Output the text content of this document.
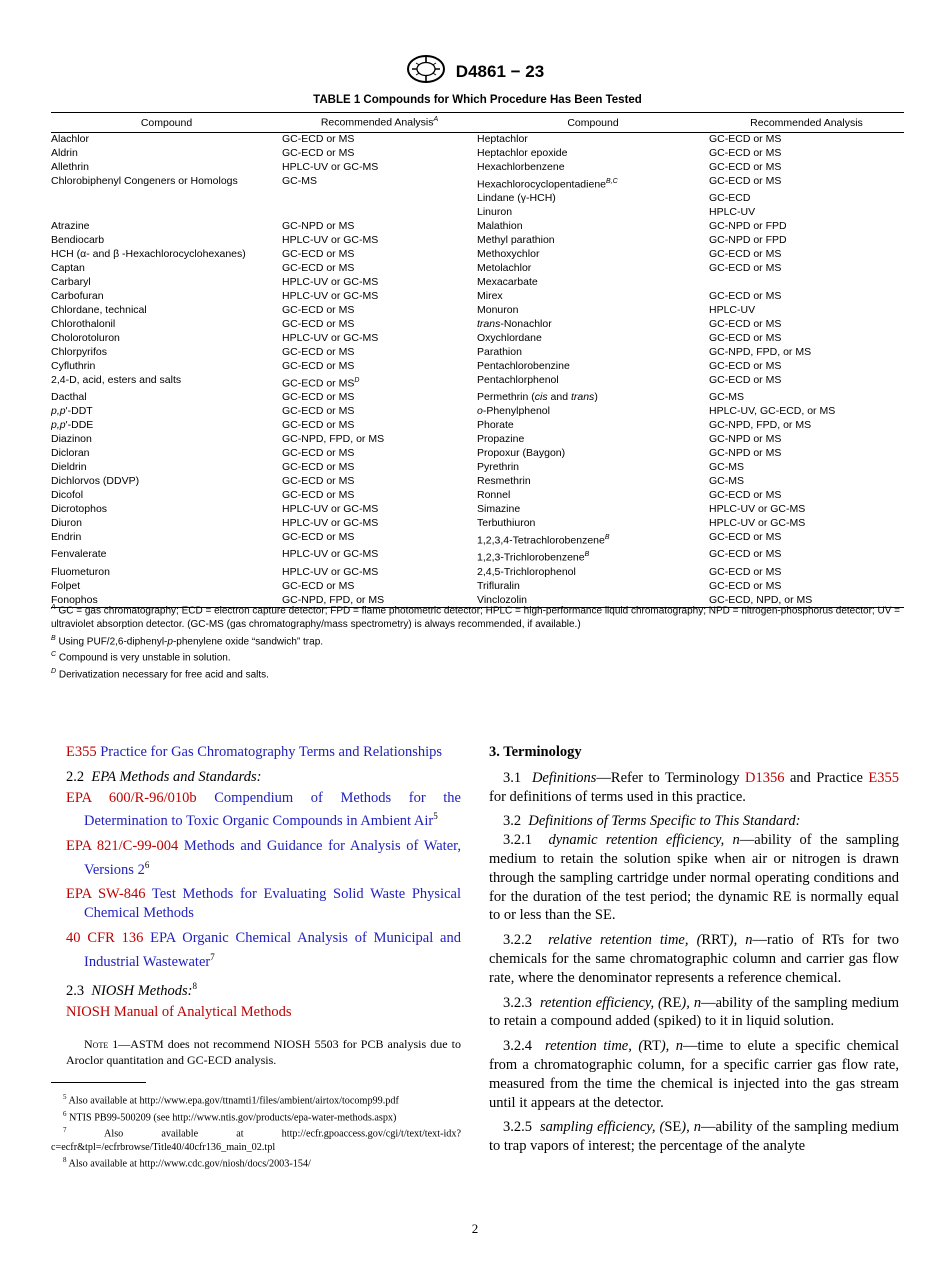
D4861 − 23
TABLE 1 Compounds for Which Procedure Has Been Tested
Compound	Recommended Analysis$^A$	Compound	Recommended Analysis
Alachlor	GC-ECD or MS	Heptachlor	GC-ECD or MS
Aldrin	GC-ECD or MS	Heptachlor epoxide	GC-ECD or MS
Allethrin	HPLC-UV or GC-MS	Hexachlorbenzene	GC-ECD or MS
Chlorobiphenyl Congeners or Homologs	GC-MS	Hexachlorocyclopentadiene$^{B,C}$	GC-ECD or MS
		Lindane (γ-HCH)	GC-ECD
		Linuron	HPLC-UV
Atrazine	GC-NPD or MS	Malathion	GC-NPD or FPD
Bendiocarb	HPLC-UV or GC-MS	Methyl parathion	GC-NPD or FPD
HCH (α- and β -Hexachlorocyclohexanes)	GC-ECD or MS	Methoxychlor	GC-ECD or MS
Captan	GC-ECD or MS	Metolachlor	GC-ECD or MS
Carbaryl	HPLC-UV or GC-MS	Mexacarbate	
Carbofuran	HPLC-UV or GC-MS	Mirex	GC-ECD or MS
Chlordane, technical	GC-ECD or MS	Monuron	HPLC-UV
Chlorothalonil	GC-ECD or MS	trans-Nonachlor	GC-ECD or MS
Cholorotoluron	HPLC-UV or GC-MS	Oxychlordane	GC-ECD or MS
Chlorpyrifos	GC-ECD or MS	Parathion	GC-NPD, FPD, or MS
Cyfluthrin	GC-ECD or MS	Pentachlorobenzine	GC-ECD or MS
2,4-D, acid, esters and salts	GC-ECD or $MS^D$	Pentachlorphenol	GC-ECD or MS
Dacthal	GC-ECD or MS	Permethrin (cis and trans)	GC-MS
p,p'-DDT	GC-ECD or MS	o-Phenylphenol	HPLC-UV, GC-ECD, or MS
p,p'-DDE	GC-ECD or MS	Phorate	GC-NPD, FPD, or MS
Diazinon	GC-NPD, FPD, or MS	Propazine	GC-NPD or MS
Dicloran	GC-ECD or MS	Propoxur (Baygon)	GC-NPD or MS
Dieldrin	GC-ECD or MS	Pyrethrin	GC-MS
Dichlorvos (DDVP)	GC-ECD or MS	Resmethrin	GC-MS
Dicofol	GC-ECD or MS	Ronnel	GC-ECD or MS
Dicrotophos	HPLC-UV or GC-MS	Simazine	HPLC-UV or GC-MS
Diuron	HPLC-UV or GC-MS	Terbuthiuron	HPLC-UV or GC-MS
Endrin	GC-ECD or MS	1,2,3,4-Tetrachlorobenzene$^B$	GC-ECD or MS
Fenvalerate	HPLC-UV or GC-MS	1,2,3-Trichlorobenzene$^B$	GC-ECD or MS
Fluometuron	HPLC-UV or GC-MS	2,4,5-Trichlorophenol	GC-ECD or MS
Folpet	GC-ECD or MS	Trifluralin	GC-ECD or MS
Fonophos	GC-NPD, FPD, or MS	Vinclozolin	GC-ECD, NPD, or MS
$^A$ GC = gas chromatography; ECD = electron capture detector; FPD = flame photometric detector; HPLC = high-performance liquid chromatography; NPD = nitrogen-phosphorus detector; UV = ultraviolet absorption detector. (GC-MS (gas chromatography/mass spectrometry) is always recommended, if available.)
$^B$ Using PUF/2,6-diphenyl-p-phenylene oxide “sandwich” trap.
$^C$ Compound is very unstable in solution.
$^D$ Derivatization necessary for free acid and salts.

E355 Practice for Gas Chromatography Terms and Relationships

2.2 EPA Methods and Standards:

EPA 600/R-96/010b Compendium of Methods for the Determination to Toxic Organic Compounds in Ambient Air$^5$

EPA 821/C-99-004 Methods and Guidance for Analysis of Water, Versions $2^6$

EPA SW-846 Test Methods for Evaluating Solid Waste Physical Chemical Methods

40 CFR 136 EPA Organic Chemical Analysis of Municipal and Industrial Wastewater$^7$

2.3 NIOSH Methods:$^8$

NIOSH Manual of Analytical Methods

Note 1—ASTM does not recommend NIOSH 5503 for PCB analysis due to Aroclor quantitation and GC-ECD analysis.

$^5$ Also available at http://www.epa.gov/ttnamti1/files/ambient/airtox/tocomp99.pdf

$^6$ NTIS PB99-500209 (see http://www.ntis.gov/products/epa-water-methods.aspx)

$^7$	Also available at http://ecfr.gpoaccess.gov/cgi/t/text/text-idx?c=ecfr&tpl=/ecfrbrowse/Title40/40cfr136_main_02.tpl

$^8$ Also available at http://www.cdc.gov/niosh/docs/2003-154/

3. Terminology

3.1 Definitions—Refer to Terminology D1356 and Practice E355 for definitions of terms used in this practice.

3.2 Definitions of Terms Specific to This Standard:

3.2.1 dynamic retention efficiency, n—ability of the sampling medium to retain the solution spike when air or nitrogen is drawn through the sampling cartridge under normal operating conditions and for the duration of the test period; the dynamic RE is normally equal to or less than the SE.

3.2.2 relative retention time, (RRT), n—ratio of RTs for two chemicals for the same chromatographic column and carrier gas flow rate, where the denominator represents a reference chemical.

3.2.3 retention efficiency, (RE), n—ability of the sampling medium to retain a compound added (spiked) to it in liquid solution.

3.2.4 retention time, (RT), n—time to elute a specific chemical from a chromatographic column, for a specific carrier gas flow rate, measured from the time the chemical is injected into the gas stream until it appears at the detector.

3.2.5 sampling efficiency, (SE), n—ability of the sampling medium to trap vapors of interest; the percentage of the analyte

2
